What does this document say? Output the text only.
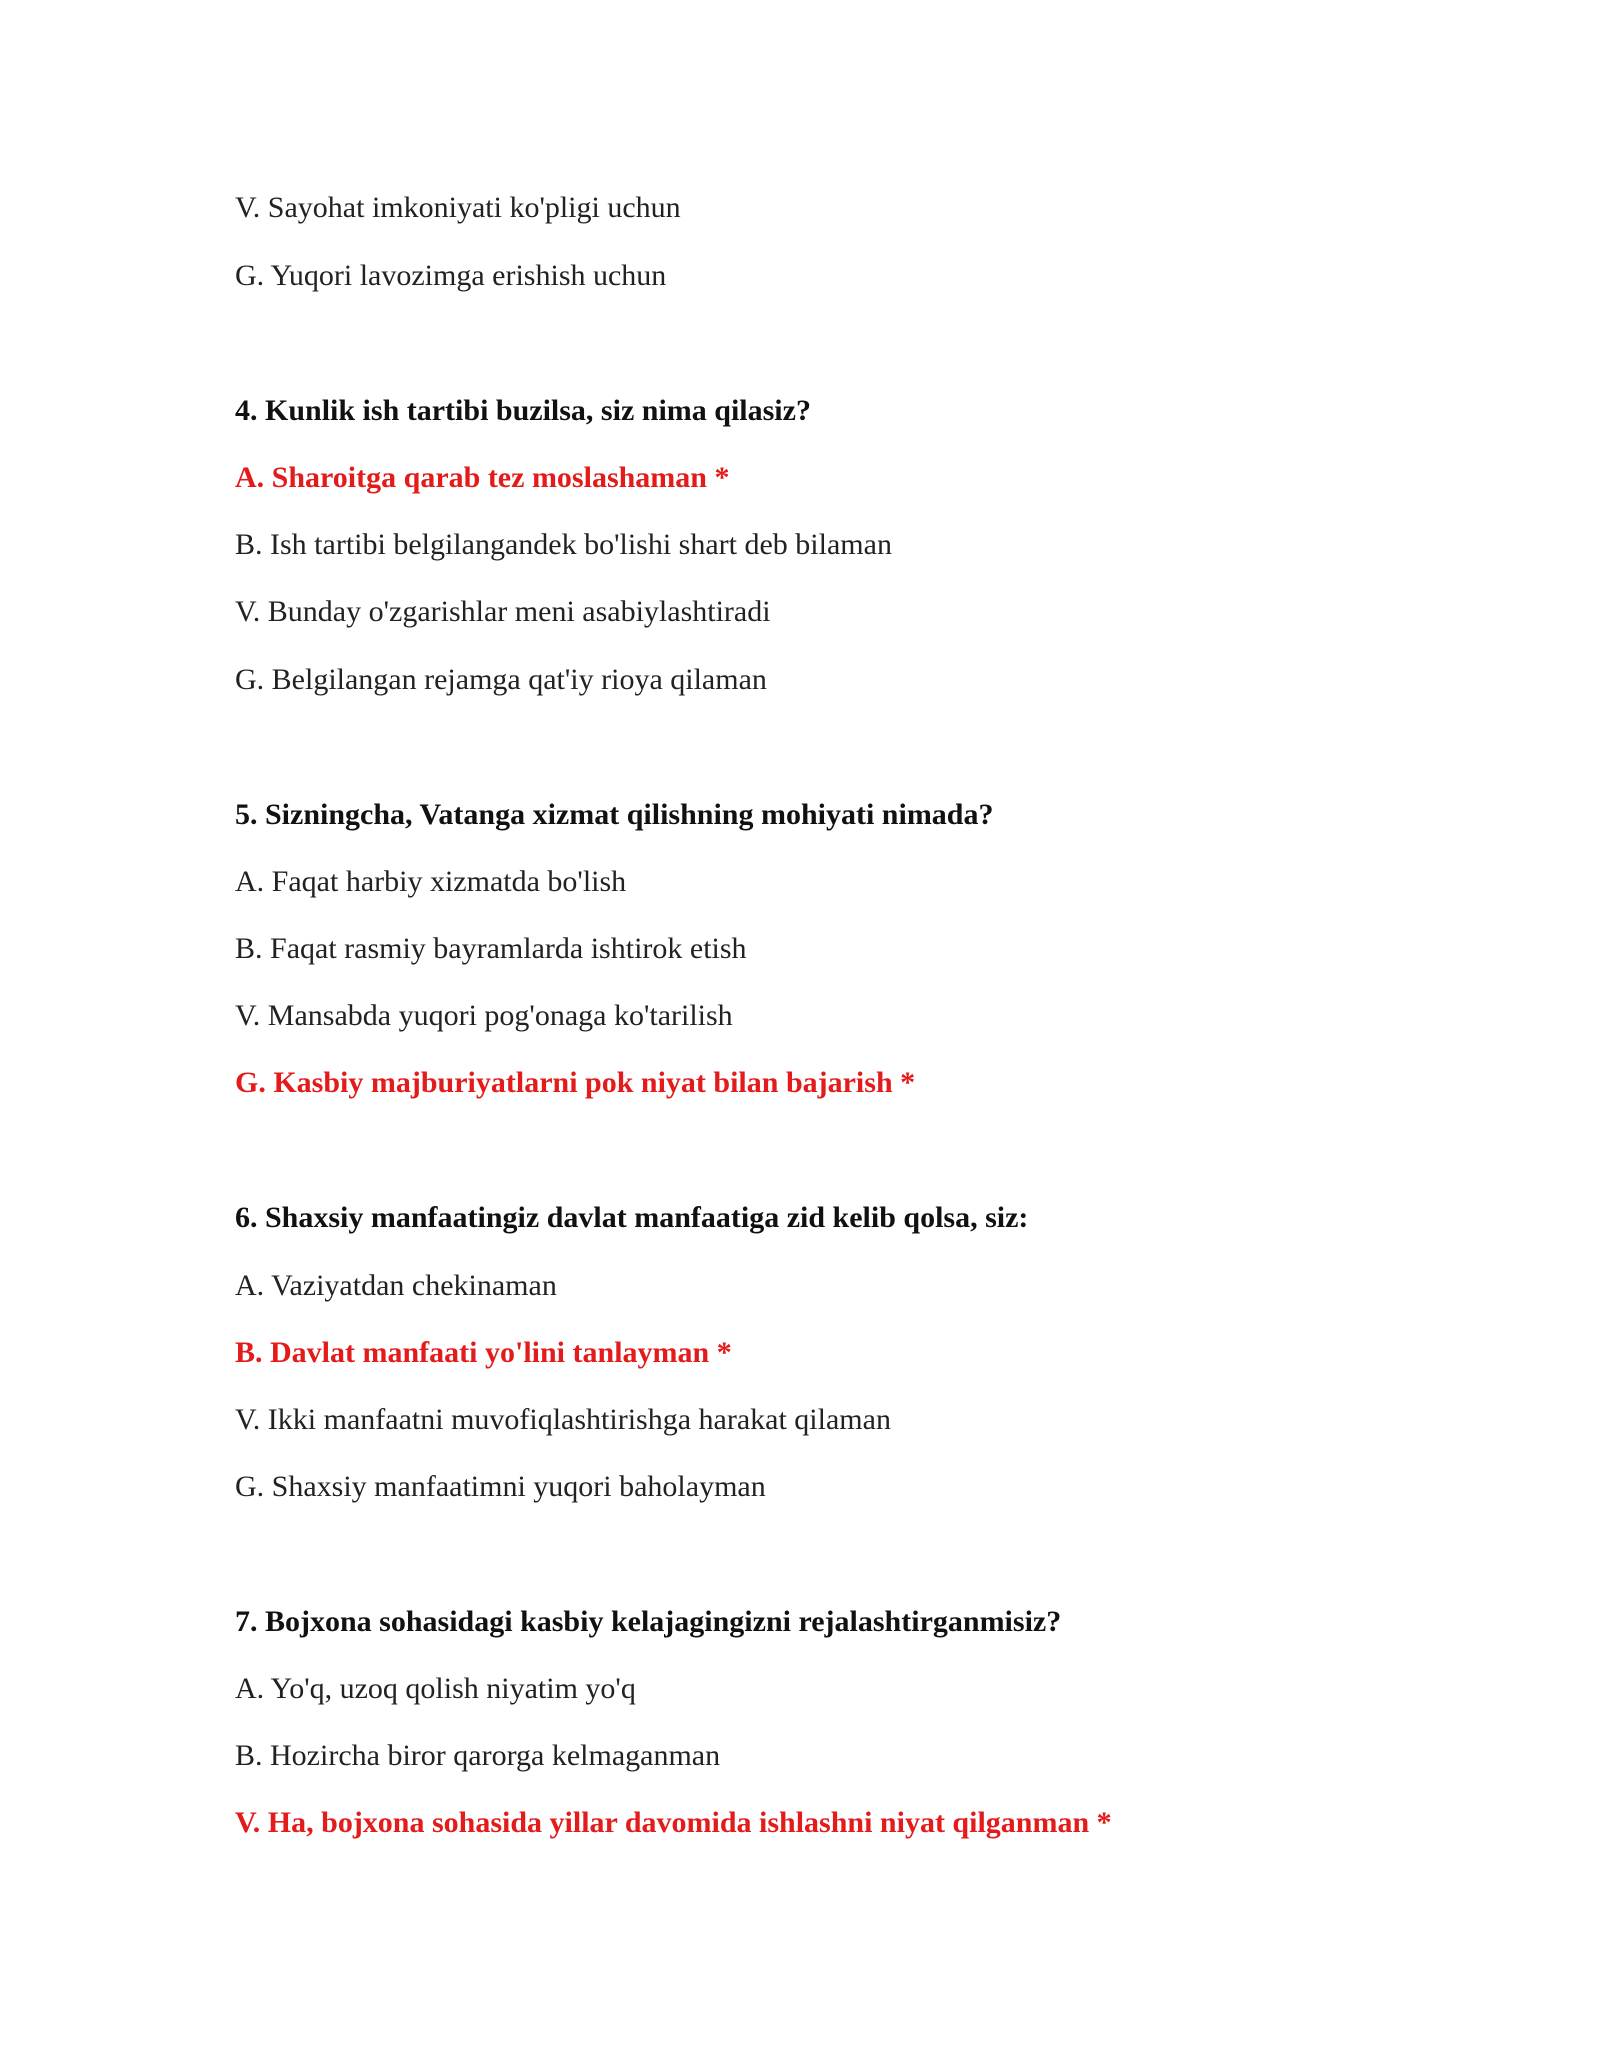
V. Sayohat imkoniyati ko'pligi uchun
G. Yuqori lavozimga erishish uchun
4. Kunlik ish tartibi buzilsa, siz nima qilasiz?
A. Sharoitga qarab tez moslashaman *
B. Ish tartibi belgilangandek bo'lishi shart deb bilaman
V. Bunday o'zgarishlar meni asabiylashtiradi
G. Belgilangan rejamga qat'iy rioya qilaman
5. Sizningcha, Vatanga xizmat qilishning mohiyati nimada?
A. Faqat harbiy xizmatda bo'lish
B. Faqat rasmiy bayramlarda ishtirok etish
V. Mansabda yuqori pog'onaga ko'tarilish
G. Kasbiy majburiyatlarni pok niyat bilan bajarish *
6. Shaxsiy manfaatingiz davlat manfaatiga zid kelib qolsa, siz:
A. Vaziyatdan chekinaman
B. Davlat manfaati yo'lini tanlayman *
V. Ikki manfaatni muvofiqlashtirishga harakat qilaman
G. Shaxsiy manfaatimni yuqori baholayman
7. Bojxona sohasidagi kasbiy kelajagingizni rejalashtirganmisiz?
A. Yo'q, uzoq qolish niyatim yo'q
B. Hozircha biror qarorga kelmaganman
V. Ha, bojxona sohasida yillar davomida ishlashni niyat qilganman *
